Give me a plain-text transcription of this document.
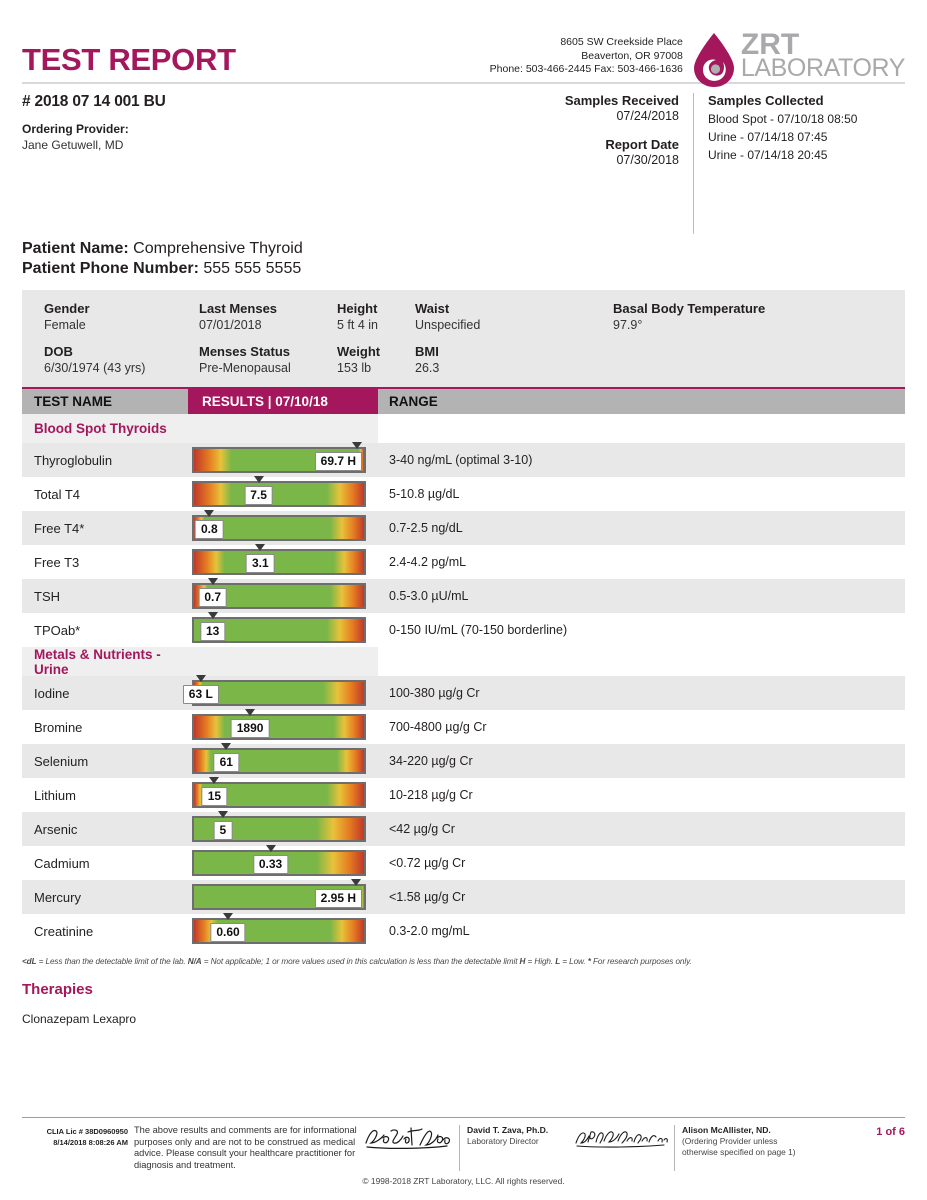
TEST REPORT	8605 SW Creekside Place
Beaverton, OR 97008
Phone: 503-466-2445 Fax: 503-466-1636
ZRT
LABORATORY
# 2018 07 14 001 BU
Ordering Provider:
Jane Getuwell, MD
Samples Received
07/24/2018
Report Date
07/30/2018
Samples Collected
Blood Spot - 07/10/18 08:50
Urine - 07/14/18 07:45
Urine - 07/14/18 20:45
Patient Name: Comprehensive Thyroid
Patient Phone Number: 555 555 5555
Gender
Female
Last Menses
07/01/2018
Height
5 ft 4 in
Waist
Unspecified
Basal Body Temperature
97.9°
DOB
6/30/1974 (43 yrs)
Menses Status
Pre-Menopausal
Weight
153 lb
BMI
26.3
TEST NAME	RESULTS | 07/10/18	RANGE
Blood Spot Thyroids
Thyroglobulin	69.7 H	3-40 ng/mL (optimal 3-10)
Total T4	7.5	5-10.8 µg/dL
Free T4*	0.8	0.7-2.5 ng/dL
Free T3	3.1	2.4-4.2 pg/mL
TSH	0.7	0.5-3.0 µU/mL
TPOab*	13	0-150 IU/mL (70-150 borderline)
Metals & Nutrients - Urine
Iodine	63 L	100-380 µg/g Cr
Bromine	1890	700-4800 µg/g Cr
Selenium	61	34-220 µg/g Cr
Lithium	15	10-218 µg/g Cr
Arsenic	5	<42 µg/g Cr
Cadmium	0.33	<0.72 µg/g Cr
Mercury	2.95 H	<1.58 µg/g Cr
Creatinine	0.60	0.3-2.0 mg/mL
<dL = Less than the detectable limit of the lab. N/A = Not applicable; 1 or more values used in this calculation is less than the detectable limit H = High. L = Low. * For research purposes only.
Therapies
Clonazepam Lexapro
CLIA Lic # 38D0960950
8/14/2018 8:08:26 AM
The above results and comments are for informational purposes only and are not to be construed as medical advice. Please consult your healthcare practitioner for diagnosis and treatment.
David T. Zava, Ph.D.
Laboratory Director
Alison McAllister, ND.
(Ordering Provider unless otherwise specified on page 1)
1 of 6
© 1998-2018 ZRT Laboratory, LLC. All rights reserved.
